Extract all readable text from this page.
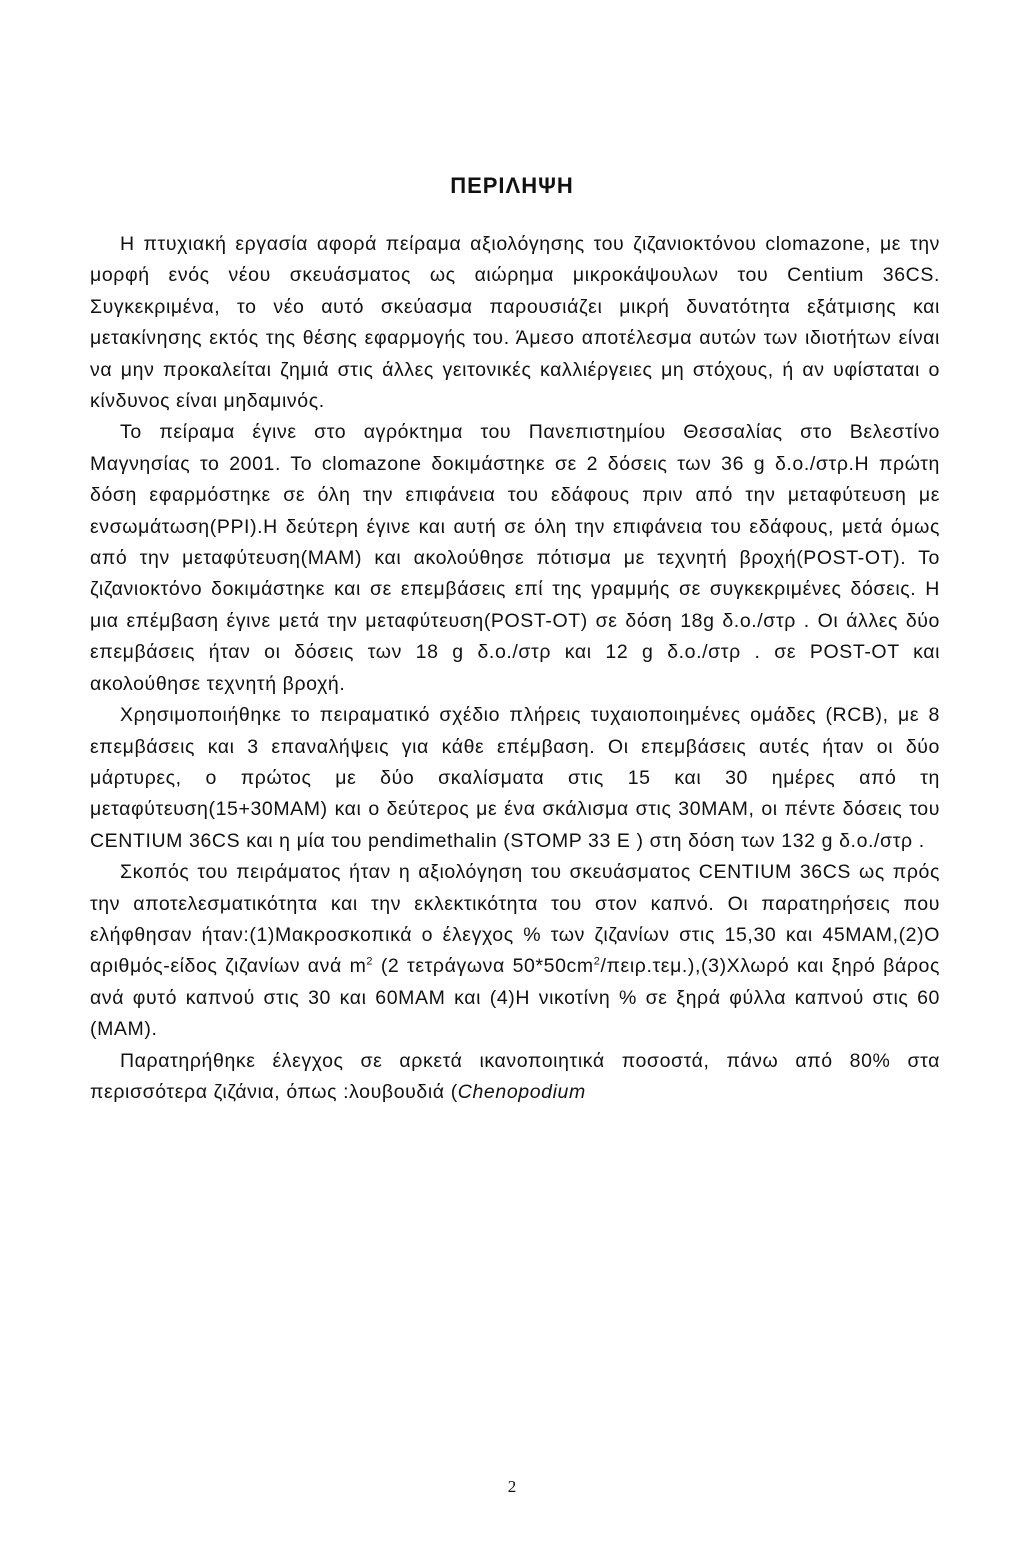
ΠΕΡΙΛΗΨΗ

Η πτυχιακή εργασία αφορά πείραμα αξιολόγησης του ζιζανιοκτόνου clomazone, με την μορφή ενός νέου σκευάσματος ως αιώρημα μικροκάψουλων του Centium 36CS. Συγκεκριμένα, το νέο αυτό σκεύασμα παρουσιάζει μικρή δυνατότητα εξάτμισης και μετακίνησης εκτός της θέσης εφαρμογής του. Άμεσο αποτέλεσμα αυτών των ιδιοτήτων είναι να μην προκαλείται ζημιά στις άλλες γειτονικές καλλιέργειες μη στόχους, ή αν υφίσταται ο κίνδυνος είναι μηδαμινός.

Το πείραμα έγινε στο αγρόκτημα του Πανεπιστημίου Θεσσαλίας στο Βελεστίνο Μαγνησίας το 2001. Το clomazone δοκιμάστηκε σε 2 δόσεις των 36 g δ.ο./στρ.Η πρώτη δόση εφαρμόστηκε σε όλη την επιφάνεια του εδάφους πριν από την μεταφύτευση με ενσωμάτωση(PPI).Η δεύτερη έγινε και αυτή σε όλη την επιφάνεια του εδάφους, μετά όμως από την μεταφύτευση(MAM) και ακολούθησε πότισμα με τεχνητή βροχή(POST-OT). Το ζιζανιοκτόνο δοκιμάστηκε και σε επεμβάσεις επί της γραμμής σε συγκεκριμένες δόσεις. Η μια επέμβαση έγινε μετά την μεταφύτευση(POST-OT) σε δόση 18g δ.ο./στρ . Οι άλλες δύο επεμβάσεις ήταν οι δόσεις των 18 g δ.ο./στρ και 12 g δ.ο./στρ . σε POST-OT και ακολούθησε τεχνητή βροχή.

Χρησιμοποιήθηκε το πειραματικό σχέδιο πλήρεις τυχαιοποιημένες ομάδες (RCB), με 8 επεμβάσεις και 3 επαναλήψεις για κάθε επέμβαση. Οι επεμβάσεις αυτές ήταν οι δύο μάρτυρες, ο πρώτος με δύο σκαλίσματα στις 15 και 30 ημέρες από τη μεταφύτευση(15+30MAM) και ο δεύτερος με ένα σκάλισμα στις 30MAM, οι πέντε δόσεις του CENTIUM 36CS και η μία του pendimethalin (STOMP 33 E ) στη δόση των 132 g δ.ο./στρ .

Σκοπός του πειράματος ήταν η αξιολόγηση του σκευάσματος CENTIUM 36CS ως πρός την αποτελεσματικότητα και την εκλεκτικότητα του στον καπνό. Οι παρατηρήσεις που ελήφθησαν ήταν:(1)Μακροσκοπικά ο έλεγχος % των ζιζανίων στις 15,30 και 45MAM,(2)Ο αριθμός-είδος ζιζανίων ανά $m^2$ (2 τετράγωνα $50*50cm^2/\pi\varepsilon\iota\rho.\tau\varepsilon\mu.),(3)X\lambda\omega\rho ό$ και ξηρό βάρος ανά φυτό καπνού στις 30 και 60MAM και (4)Η νικοτίνη % σε ξηρά φύλλα καπνού στις 60 (MAM).

Παρατηρήθηκε έλεγχος σε αρκετά ικανοποιητικά ποσοστά, πάνω από 80% στα περισσότερα ζιζάνια, όπως :λουβουδιά (Chenopodium

2
